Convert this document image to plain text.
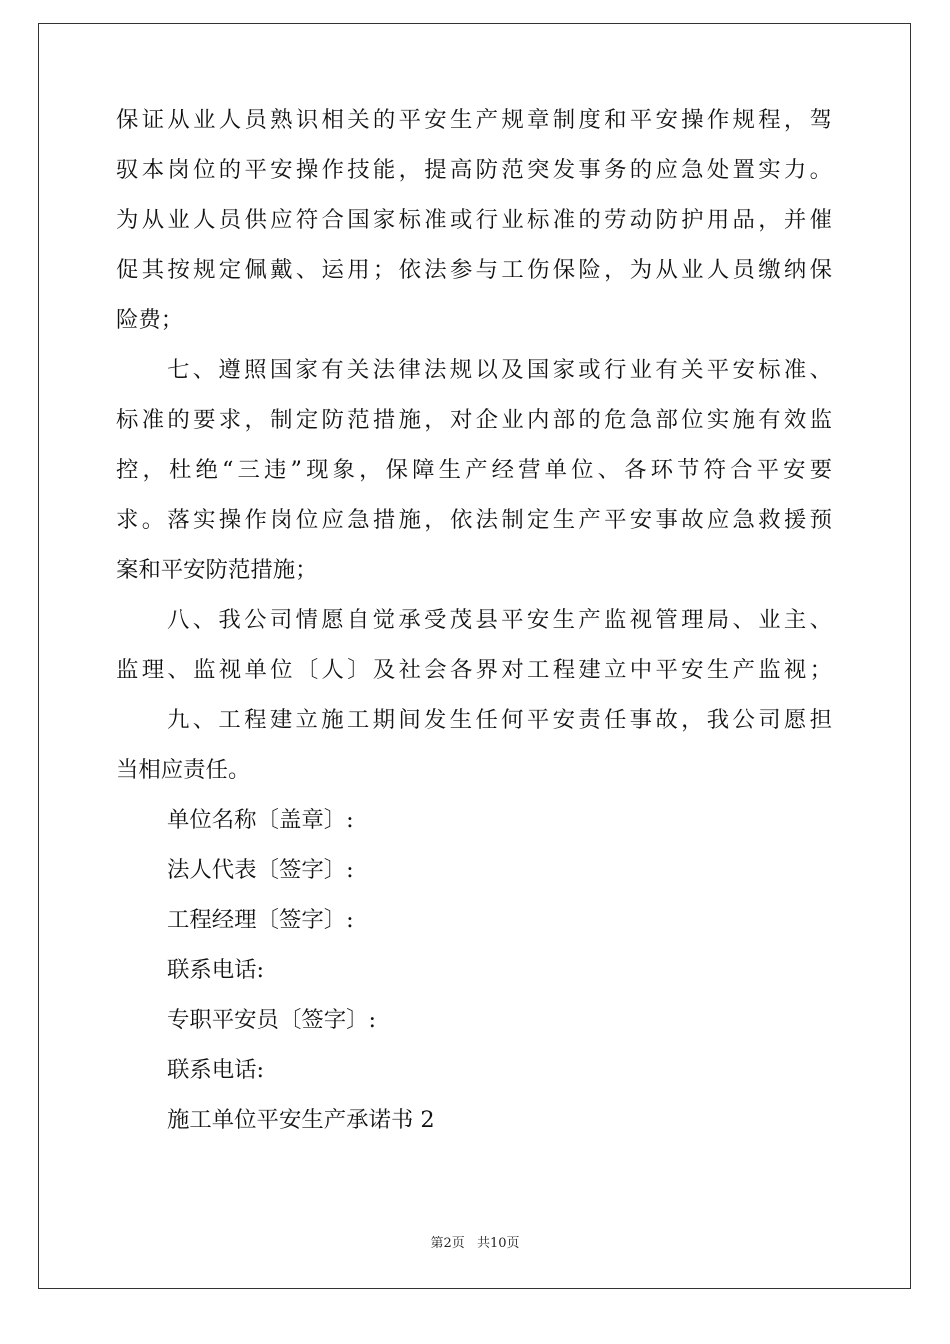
保证从业人员熟识相关的平安生产规章制度和平安操作规程，驾
驭本岗位的平安操作技能，提高防范突发事务的应急处置实力。
为从业人员供应符合国家标准或行业标准的劳动防护用品，并催
促其按规定佩戴、运用；依法参与工伤保险，为从业人员缴纳保
险费；
七、遵照国家有关法律法规以及国家或行业有关平安标准、
标准的要求，制定防范措施，对企业内部的危急部位实施有效监
控，杜绝“三违”现象，保障生产经营单位、各环节符合平安要
求。落实操作岗位应急措施，依法制定生产平安事故应急救援预
案和平安防范措施；
八、我公司情愿自觉承受茂县平安生产监视管理局、业主、
监理、监视单位〔人〕及社会各界对工程建立中平安生产监视；
九、工程建立施工期间发生任何平安责任事故，我公司愿担
当相应责任。
单位名称〔盖章〕:
法人代表〔签字〕:
工程经理〔签字〕:
联系电话:
专职平安员〔签字〕:
联系电话:
施工单位平安生产承诺书 2
第2页 共10页
